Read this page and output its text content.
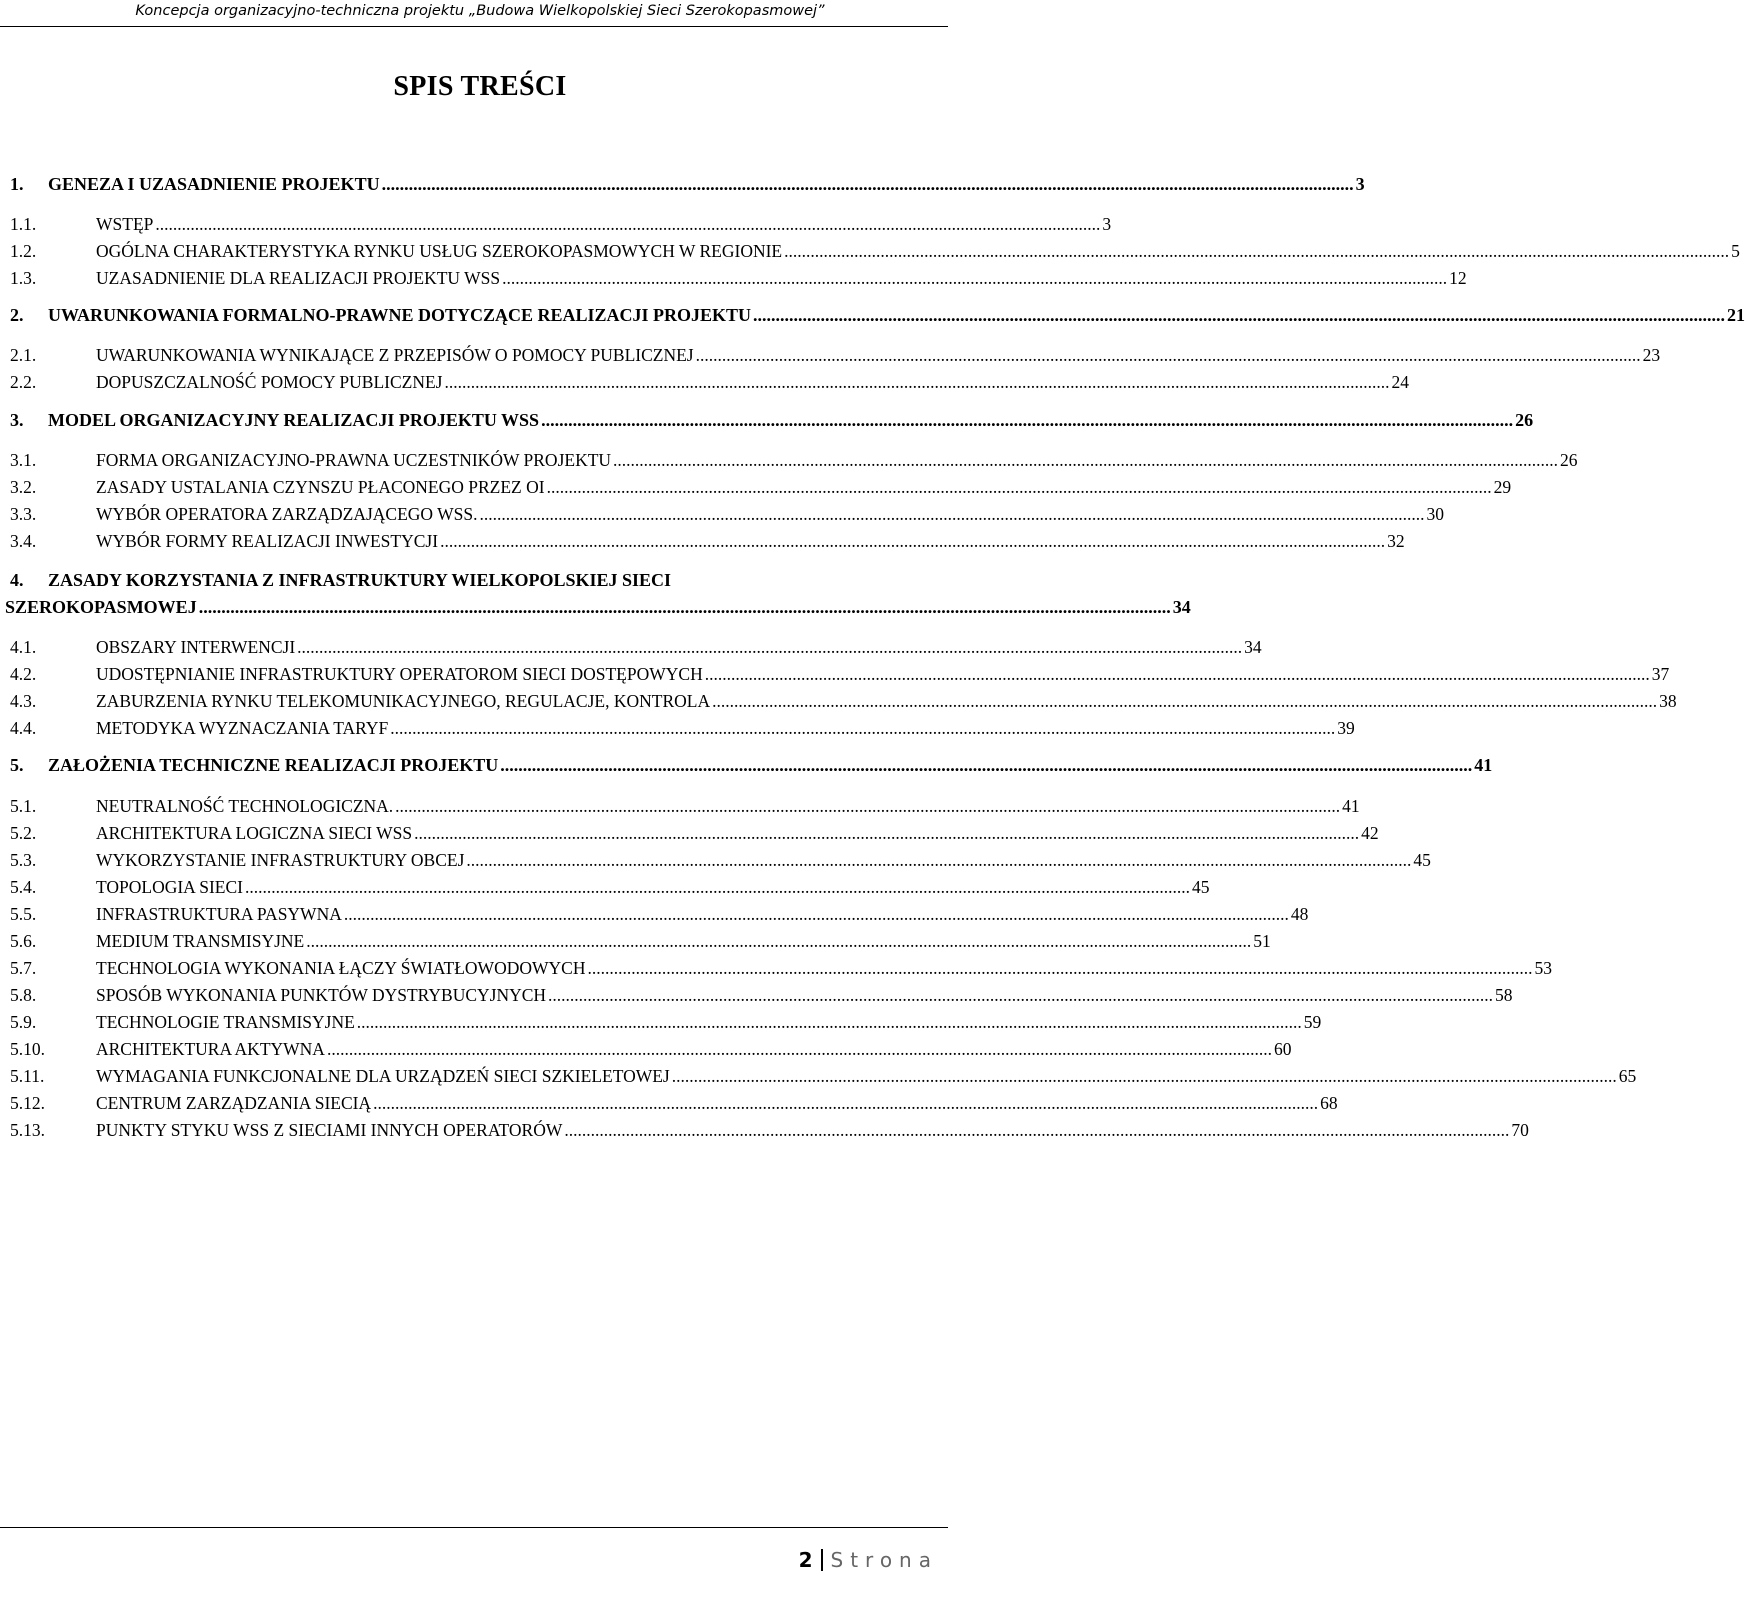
Koncepcja organizacyjno-techniczna projektu „Budowa Wielkopolskiej Sieci Szerokopasmowej”
SPIS TREŚCI
1.	GENEZA I UZASADNIENIE PROJEKTU .....	3
1.1.	WSTĘP .....	3
1.2.	OGÓLNA CHARAKTERYSTYKA RYNKU USŁUG SZEROKOPASMOWYCH W REGIONIE .....	5
1.3.	UZASADNIENIE DLA REALIZACJI PROJEKTU WSS .....	12
2.	UWARUNKOWANIA FORMALNO-PRAWNE DOTYCZĄCE REALIZACJI PROJEKTU .....	21
2.1.	UWARUNKOWANIA WYNIKAJĄCE Z PRZEPISÓW O POMOCY PUBLICZNEJ .....	23
2.2.	DOPUSZCZALNOŚĆ POMOCY PUBLICZNEJ .....	24
3.	MODEL ORGANIZACYJNY REALIZACJI PROJEKTU WSS .....	26
3.1.	FORMA ORGANIZACYJNO-PRAWNA UCZESTNIKÓW PROJEKTU .....	26
3.2.	ZASADY USTALANIA CZYNSZU PŁACONEGO PRZEZ OI .....	29
3.3.	WYBÓR OPERATORA ZARZĄDZAJĄCEGO WSS. .....	30
3.4.	WYBÓR FORMY REALIZACJI INWESTYCJI .....	32
4. ZASADY KORZYSTANIA Z INFRASTRUKTURY WIELKOPOLSKIEJ SIECI
SZEROKOPASMOWEJ .....	34
4.1.	OBSZARY INTERWENCJI .....	34
4.2.	UDOSTĘPNIANIE INFRASTRUKTURY OPERATOROM SIECI DOSTĘPOWYCH .....	37
4.3.	ZABURZENIA RYNKU TELEKOMUNIKACYJNEGO, REGULACJE, KONTROLA .....	38
4.4.	METODYKA WYZNACZANIA TARYF .....	39
5.	ZAŁOŻENIA TECHNICZNE REALIZACJI PROJEKTU .....	41
5.1.	NEUTRALNOŚĆ TECHNOLOGICZNA. .....	41
5.2.	ARCHITEKTURA LOGICZNA SIECI WSS .....	42
5.3.	WYKORZYSTANIE INFRASTRUKTURY OBCEJ .....	45
5.4.	TOPOLOGIA SIECI .....	45
5.5.	INFRASTRUKTURA PASYWNA .....	48
5.6.	MEDIUM TRANSMISYJNE .....	51
5.7.	TECHNOLOGIA WYKONANIA ŁĄCZY ŚWIATŁOWODOWYCH .....	53
5.8.	SPOSÓB WYKONANIA PUNKTÓW DYSTRYBUCYJNYCH .....	58
5.9.	TECHNOLOGIE TRANSMISYJNE .....	59
5.10.	ARCHITEKTURA AKTYWNA .....	60
5.11.	WYMAGANIA FUNKCJONALNE DLA URZĄDZEŃ SIECI SZKIELETOWEJ .....	65
5.12.	CENTRUM ZARZĄDZANIA SIECIĄ .....	68
5.13.	PUNKTY STYKU WSS Z SIECIAMI INNYCH OPERATORÓW .....	70
2 Strona
